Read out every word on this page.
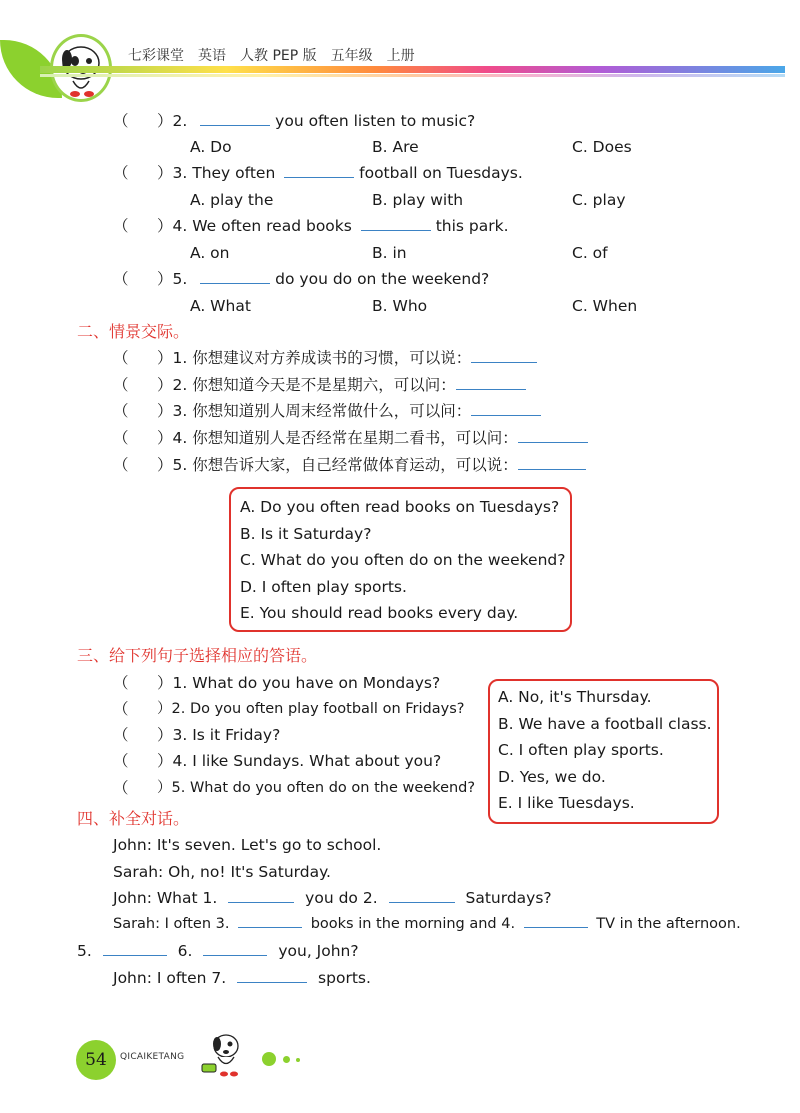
七彩课堂　英语　人教 PEP 版　五年级　上册
（ ）2.	you often listen to music?
A. Do	B. Are	C. Does
（ ）3. They often	football on Tuesdays.
A. play the	B. play with	C. play
（ ）4. We often read books	this park.
A. on	B. in	C. of
（ ）5.	do you do on the weekend?
A. What	B. Who	C. When
二、情景交际。
（ ）1. 你想建议对方养成读书的习惯，可以说：
（ ）2. 你想知道今天是不是星期六，可以问：
（ ）3. 你想知道别人周末经常做什么，可以问：
（ ）4. 你想知道别人是否经常在星期二看书，可以问：
（ ）5. 你想告诉大家，自己经常做体育运动，可以说：
A. Do you often read books on Tuesdays?
B. Is it Saturday?
C. What do you often do on the weekend?
D. I often play sports.
E. You should read books every day.
三、给下列句子选择相应的答语。
（ ）1. What do you have on Mondays?
（ ）2. Do you often play football on Fridays?
（ ）3. Is it Friday?
（ ）4. I like Sundays. What about you?
（ ）5. What do you often do on the weekend?
A. No, it's Thursday.
B. We have a football class.
C. I often play sports.
D. Yes, we do.
E. I like Tuesdays.
四、补全对话。
John: It's seven. Let's go to school.
Sarah: Oh, no! It's Saturday.
John: What 1.	you do 2.	Saturdays?
Sarah: I often 3.	books in the morning and 4.	TV in the afternoon.
5.	6.	you, John?
John: I often 7.	sports.
54	QICAIKETANG
